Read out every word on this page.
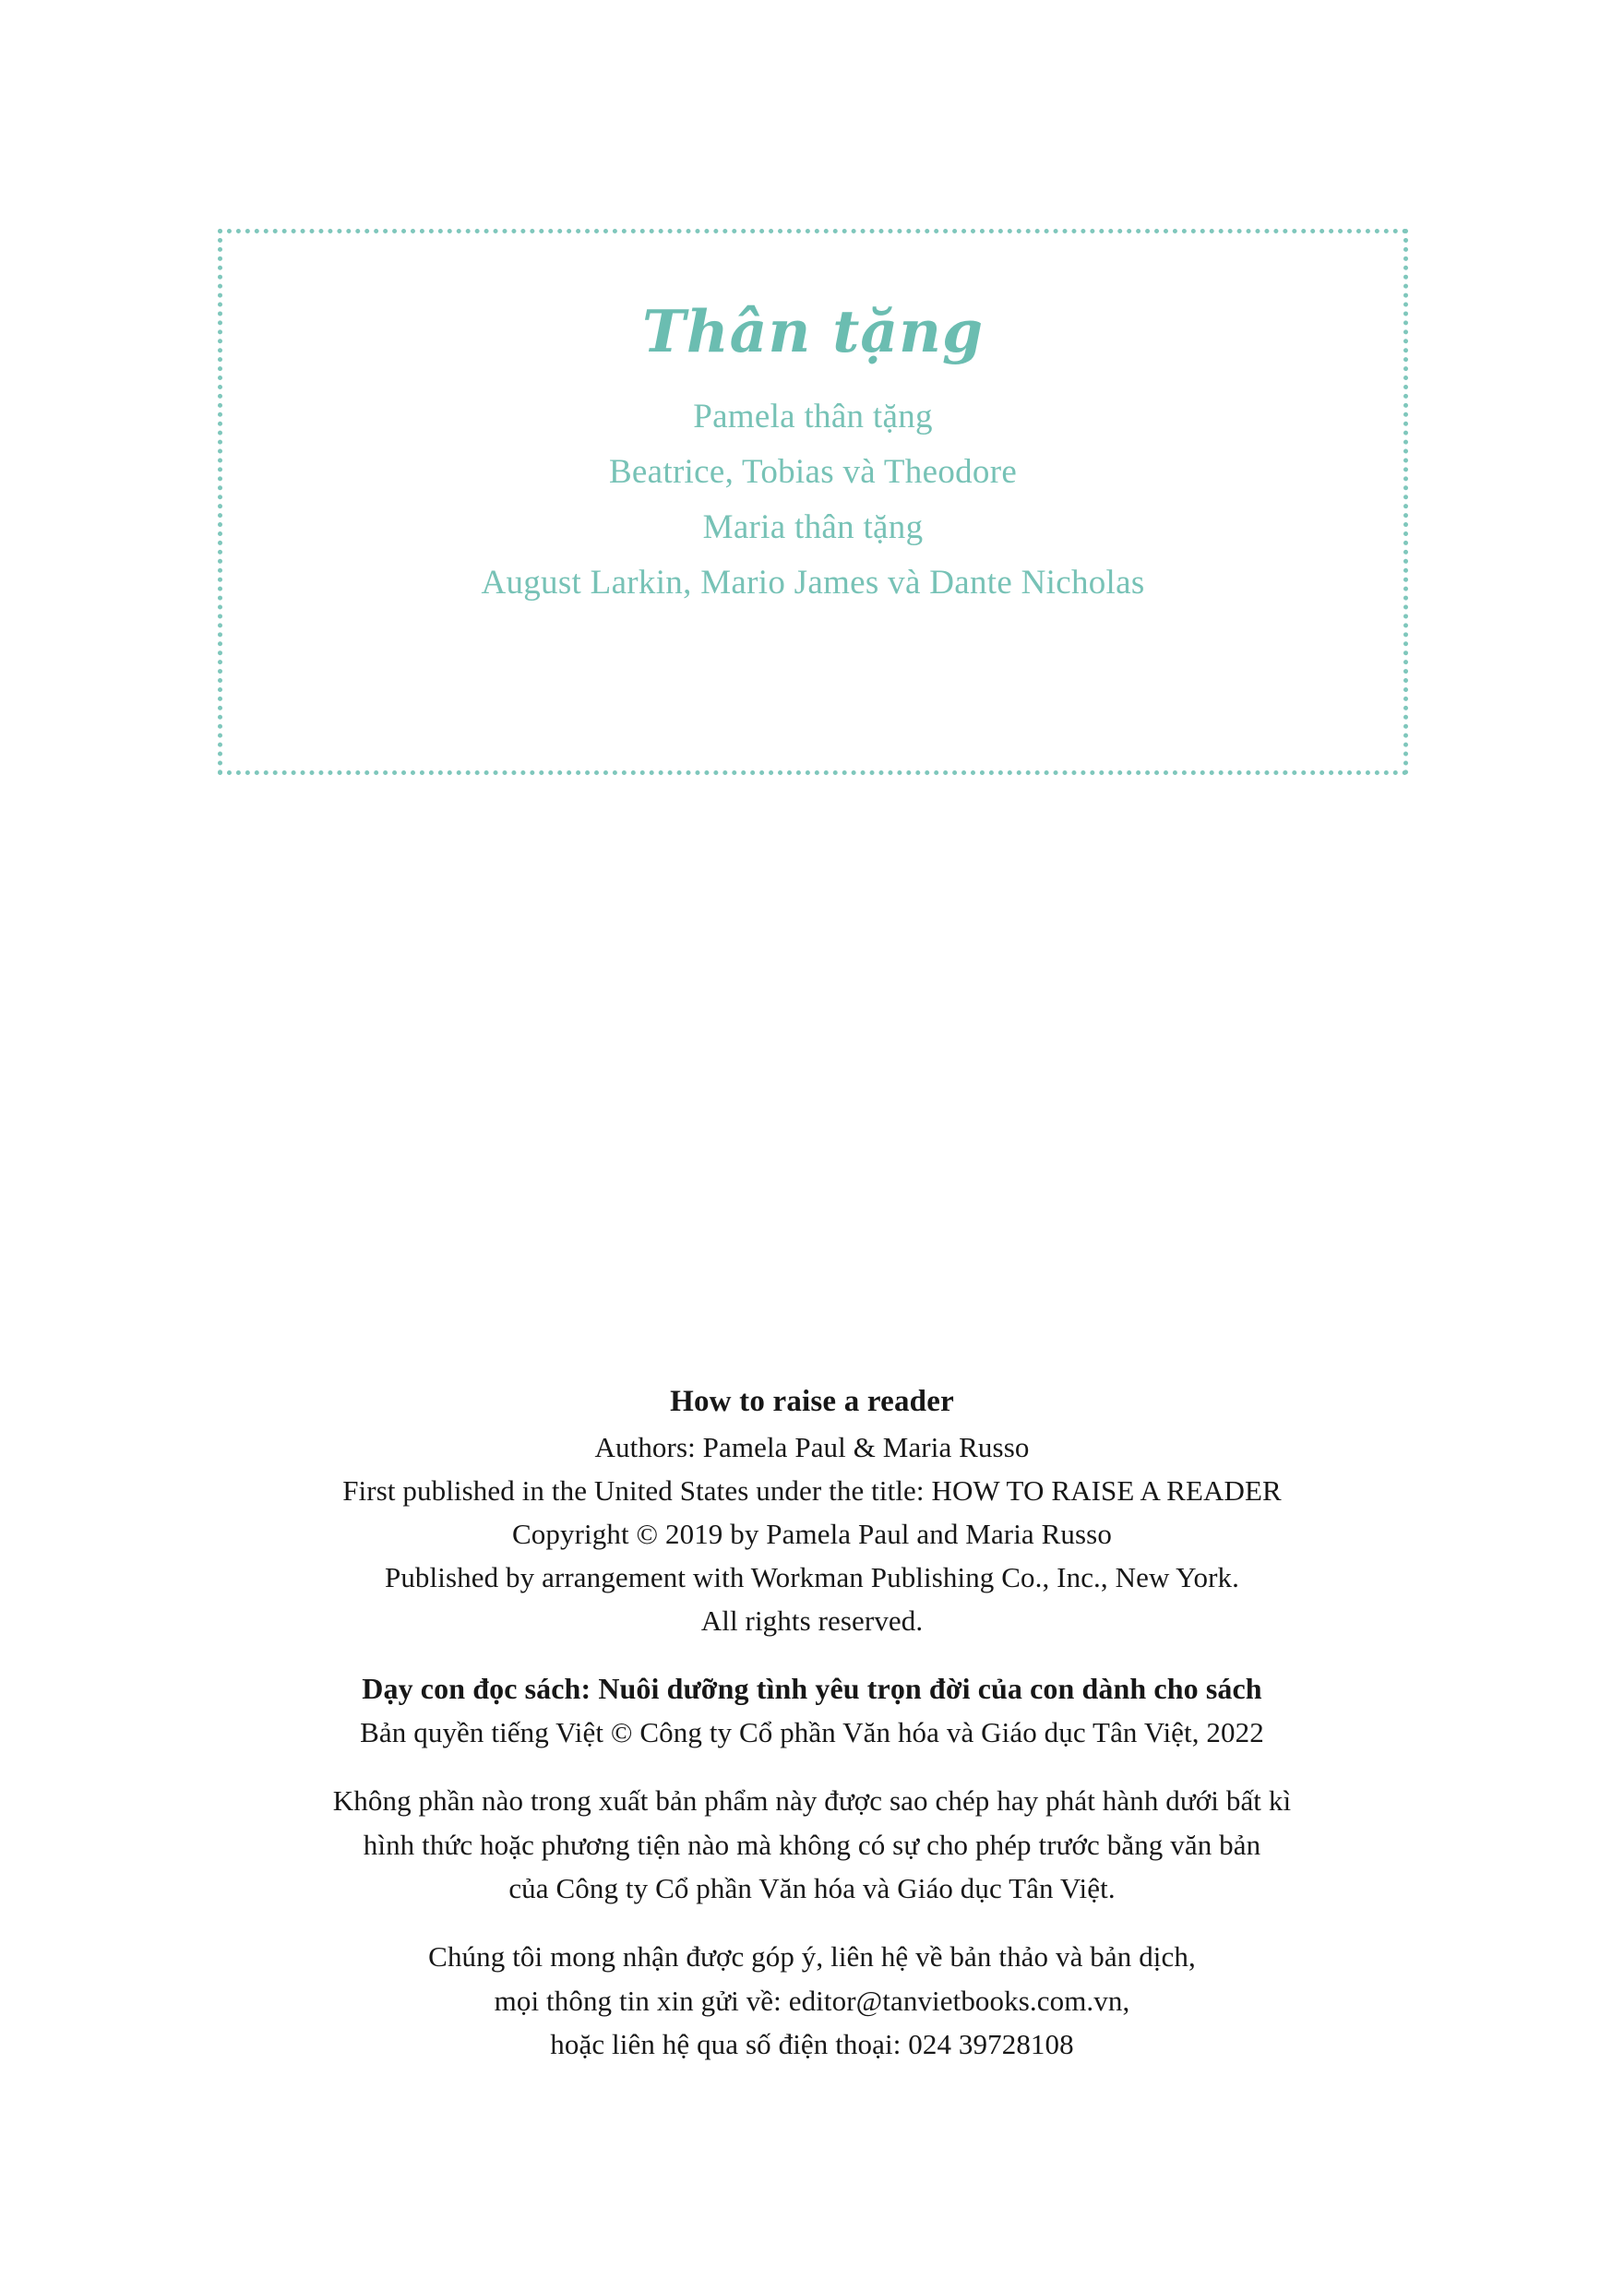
Thân tặng
Pamela thân tặng
Beatrice, Tobias và Theodore
Maria thân tặng
August Larkin, Mario James và Dante Nicholas
How to raise a reader
Authors: Pamela Paul & Maria Russo
First published in the United States under the title: HOW TO RAISE A READER
Copyright © 2019 by Pamela Paul and Maria Russo
Published by arrangement with Workman Publishing Co., Inc., New York.
All rights reserved.
Dạy con đọc sách: Nuôi dưỡng tình yêu trọn đời của con dành cho sách
Bản quyền tiếng Việt © Công ty Cổ phần Văn hóa và Giáo dục Tân Việt, 2022
Không phần nào trong xuất bản phẩm này được sao chép hay phát hành dưới bất kì
hình thức hoặc phương tiện nào mà không có sự cho phép trước bằng văn bản
của Công ty Cổ phần Văn hóa và Giáo dục Tân Việt.
Chúng tôi mong nhận được góp ý, liên hệ về bản thảo và bản dịch,
mọi thông tin xin gửi về: editor@tanvietbooks.com.vn,
hoặc liên hệ qua số điện thoại: 024 39728108
